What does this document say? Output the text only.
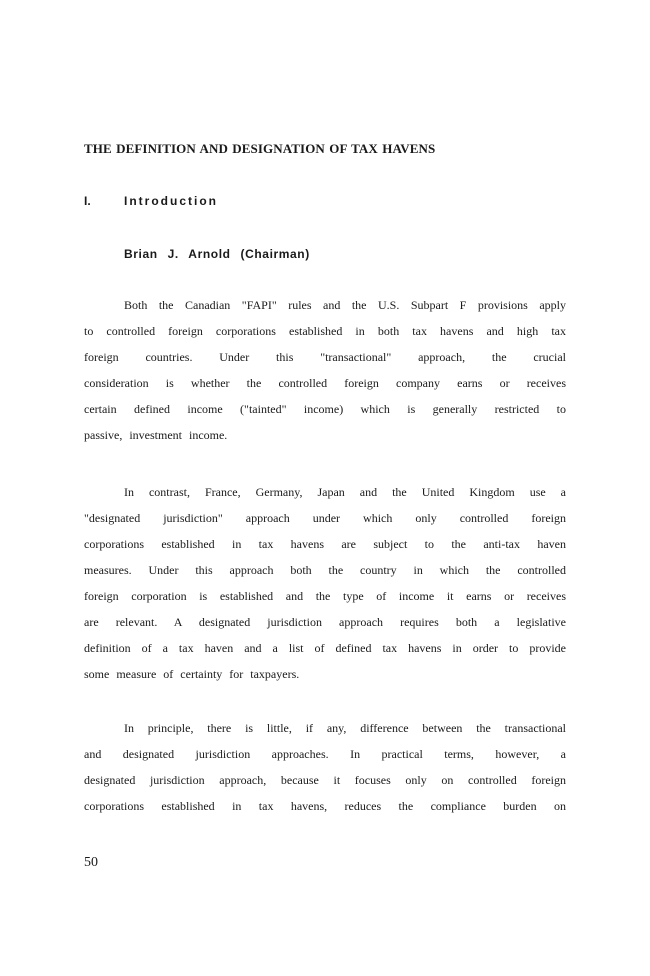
THE DEFINITION AND DESIGNATION OF TAX HAVENS
I.	Introduction
Brian J. Arnold (Chairman)
Both the Canadian "FAPI" rules and the U.S. Subpart F provisions apply
to controlled foreign corporations established in both tax havens and high tax
foreign countries. Under this "transactional" approach, the crucial
consideration is whether the controlled foreign company earns or receives
certain defined income ("tainted" income) which is generally restricted to
passive, investment income.
In contrast, France, Germany, Japan and the United Kingdom use a
"designated jurisdiction" approach under which only controlled foreign
corporations established in tax havens are subject to the anti-tax haven
measures. Under this approach both the country in which the controlled
foreign corporation is established and the type of income it earns or receives
are relevant. A designated jurisdiction approach requires both a legislative
definition of a tax haven and a list of defined tax havens in order to provide
some measure of certainty for taxpayers.
In principle, there is little, if any, difference between the transactional
and designated jurisdiction approaches. In practical terms, however, a
designated jurisdiction approach, because it focuses only on controlled foreign
corporations established in tax havens, reduces the compliance burden on
50
